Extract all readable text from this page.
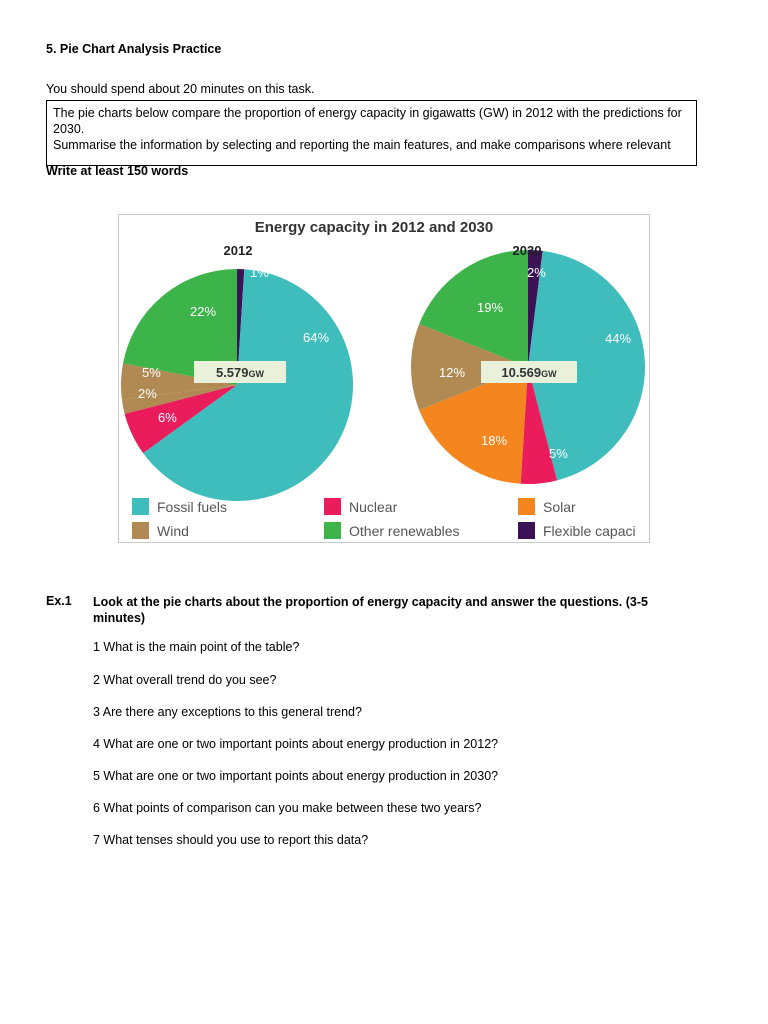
5. Pie Chart Analysis Practice
You should spend about 20 minutes on this task.
The pie charts below compare the proportion of energy capacity in gigawatts (GW) in 2012 with the predictions for
2030.
Summarise the information by selecting and reporting the main features, and make comparisons where relevant
Write at least 150 words
Energy capacity in 2012 and 2030
2012
1%
64%
6%
2%
5%
22%
5.579GW
2030
2%
44%
5%
18%
12%
19%
10.569GW
Fossil fuels	Nuclear	Solar
Wind	Other renewables	Flexible capaci
Ex.1 Look at the pie charts about the proportion of energy capacity and answer the questions. (3-5
minutes)
1 What is the main point of the table?
2 What overall trend do you see?
3 Are there any exceptions to this general trend?
4 What are one or two important points about energy production in 2012?
5 What are one or two important points about energy production in 2030?
6 What points of comparison can you make between these two years?
7 What tenses should you use to report this data?
